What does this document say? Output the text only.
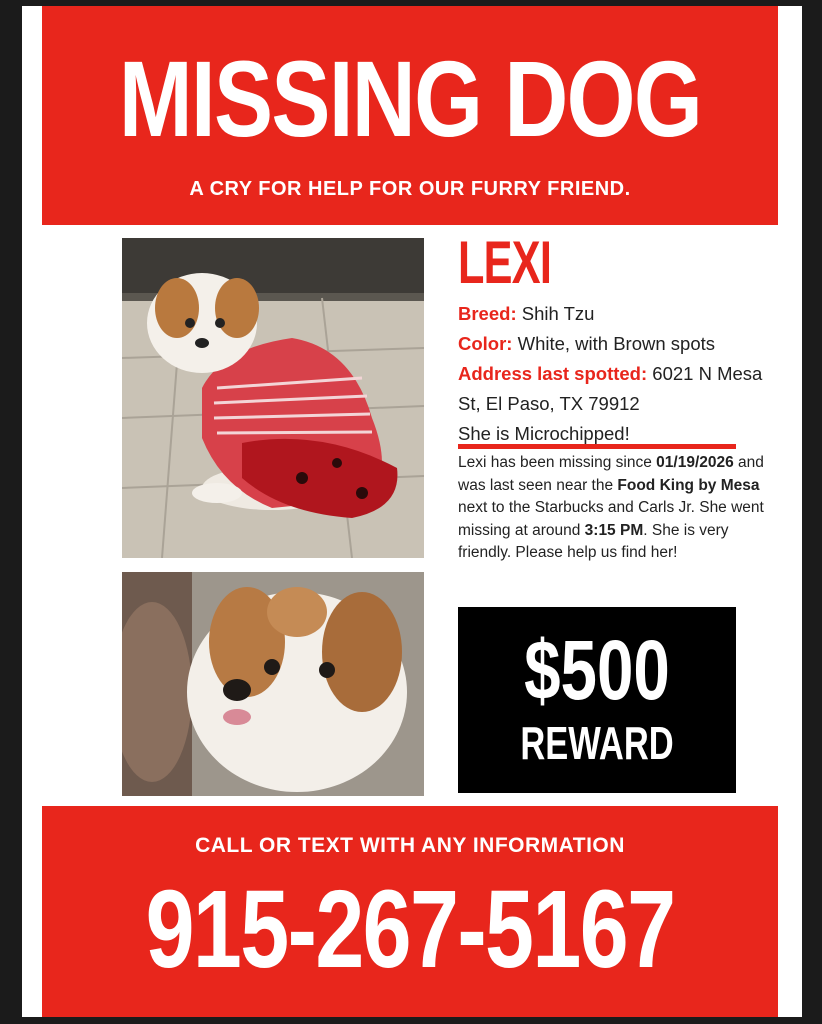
MISSING DOG
A CRY FOR HELP FOR OUR FURRY FRIEND.
LEXI
Breed: Shih Tzu
Color: White, with Brown spots
Address last spotted: 6021 N Mesa St, El Paso, TX 79912
She is Microchipped!
Lexi has been missing since 01/19/2026 and was last seen near the Food King by Mesa next to the Starbucks and Carls Jr. She went missing at around 3:15 PM. She is very friendly. Please help us find her!
$500
REWARD
CALL OR TEXT WITH ANY INFORMATION
915-267-5167
